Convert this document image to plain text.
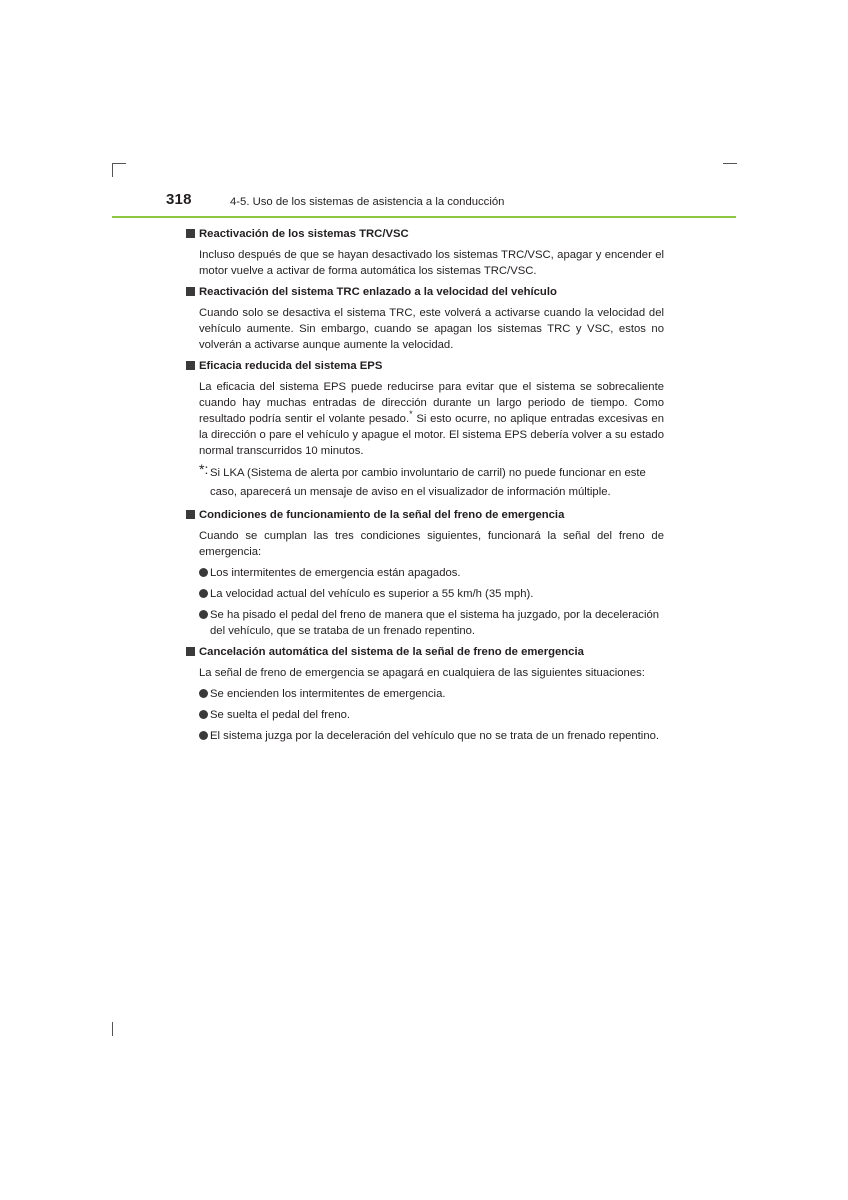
318	4-5. Uso de los sistemas de asistencia a la conducción
Reactivación de los sistemas TRC/VSC

Incluso después de que se hayan desactivado los sistemas TRC/VSC, apagar y encender el motor vuelve a activar de forma automática los sistemas TRC/VSC.

Reactivación del sistema TRC enlazado a la velocidad del vehículo

Cuando solo se desactiva el sistema TRC, este volverá a activarse cuando la velocidad del vehículo aumente. Sin embargo, cuando se apagan los sistemas TRC y VSC, estos no volverán a activarse aunque aumente la velocidad.

Eficacia reducida del sistema EPS

La eficacia del sistema EPS puede reducirse para evitar que el sistema se sobrecaliente cuando hay muchas entradas de dirección durante un largo periodo de tiempo. Como resultado podría sentir el volante pesado.* Si esto ocurre, no aplique entradas excesivas en la dirección o pare el vehículo y apague el motor. El sistema EPS debería volver a su estado normal transcurridos 10 minutos.

*: Si LKA (Sistema de alerta por cambio involuntario de carril) no puede funcionar en este caso, aparecerá un mensaje de aviso en el visualizador de información múltiple.
Condiciones de funcionamiento de la señal del freno de emergencia

Cuando se cumplan las tres condiciones siguientes, funcionará la señal del freno de emergencia:

Los intermitentes de emergencia están apagados.
La velocidad actual del vehículo es superior a 55 km/h (35 mph).
Se ha pisado el pedal del freno de manera que el sistema ha juzgado, por la deceleración del vehículo, que se trataba de un frenado repentino.
Cancelación automática del sistema de la señal de freno de emergencia

La señal de freno de emergencia se apagará en cualquiera de las siguientes situaciones:

Se encienden los intermitentes de emergencia.
Se suelta el pedal del freno.
El sistema juzga por la deceleración del vehículo que no se trata de un frenado repentino.
